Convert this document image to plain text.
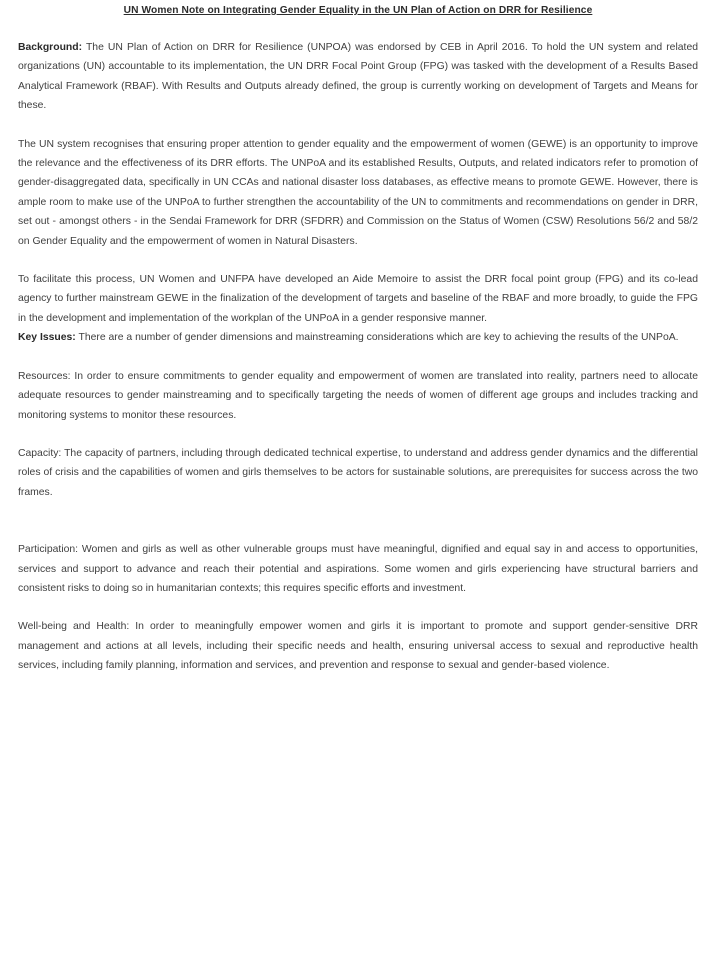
UN Women Note on Integrating Gender Equality in the UN Plan of Action on DRR for Resilience

Background: The UN Plan of Action on DRR for Resilience (UNPOA) was endorsed by CEB in April 2016. To hold the UN system and related organizations (UN) accountable to its implementation, the UN DRR Focal Point Group (FPG) was tasked with the development of a Results Based Analytical Framework (RBAF). With Results and Outputs already defined, the group is currently working on development of Targets and Means for these.

The UN system recognises that ensuring proper attention to gender equality and the empowerment of women (GEWE) is an opportunity to improve the relevance and the effectiveness of its DRR efforts. The UNPoA and its established Results, Outputs, and related indicators refer to promotion of gender-disaggregated data, specifically in UN CCAs and national disaster loss databases, as effective means to promote GEWE. However, there is ample room to make use of the UNPoA to further strengthen the accountability of the UN to commitments and recommendations on gender in DRR, set out - amongst others - in the Sendai Framework for DRR (SFDRR) and Commission on the Status of Women (CSW) Resolutions 56/2 and 58/2 on Gender Equality and the empowerment of women in Natural Disasters.

To facilitate this process, UN Women and UNFPA have developed an Aide Memoire to assist the DRR focal point group (FPG) and its co-lead agency to further mainstream GEWE in the finalization of the development of targets and baseline of the RBAF and more broadly, to guide the FPG in the development and implementation of the workplan of the UNPoA in a gender responsive manner.

Key Issues: There are a number of gender dimensions and mainstreaming considerations which are key to achieving the results of the UNPoA.

Resources: In order to ensure commitments to gender equality and empowerment of women are translated into reality, partners need to allocate adequate resources to gender mainstreaming and to specifically targeting the needs of women of different age groups and includes tracking and monitoring systems to monitor these resources.

Capacity: The capacity of partners, including through dedicated technical expertise, to understand and address gender dynamics and the differential roles of crisis and the capabilities of women and girls themselves to be actors for sustainable solutions, are prerequisites for success across the two frames.

Participation: Women and girls as well as other vulnerable groups must have meaningful, dignified and equal say in and access to opportunities, services and support to advance and reach their potential and aspirations. Some women and girls experiencing have structural barriers and consistent risks to doing so in humanitarian contexts; this requires specific efforts and investment.

Well-being and Health: In order to meaningfully empower women and girls it is important to promote and support gender-sensitive DRR management and actions at all levels, including their specific needs and health, ensuring universal access to sexual and reproductive health services, including family planning, information and services, and prevention and response to sexual and gender-based violence.
